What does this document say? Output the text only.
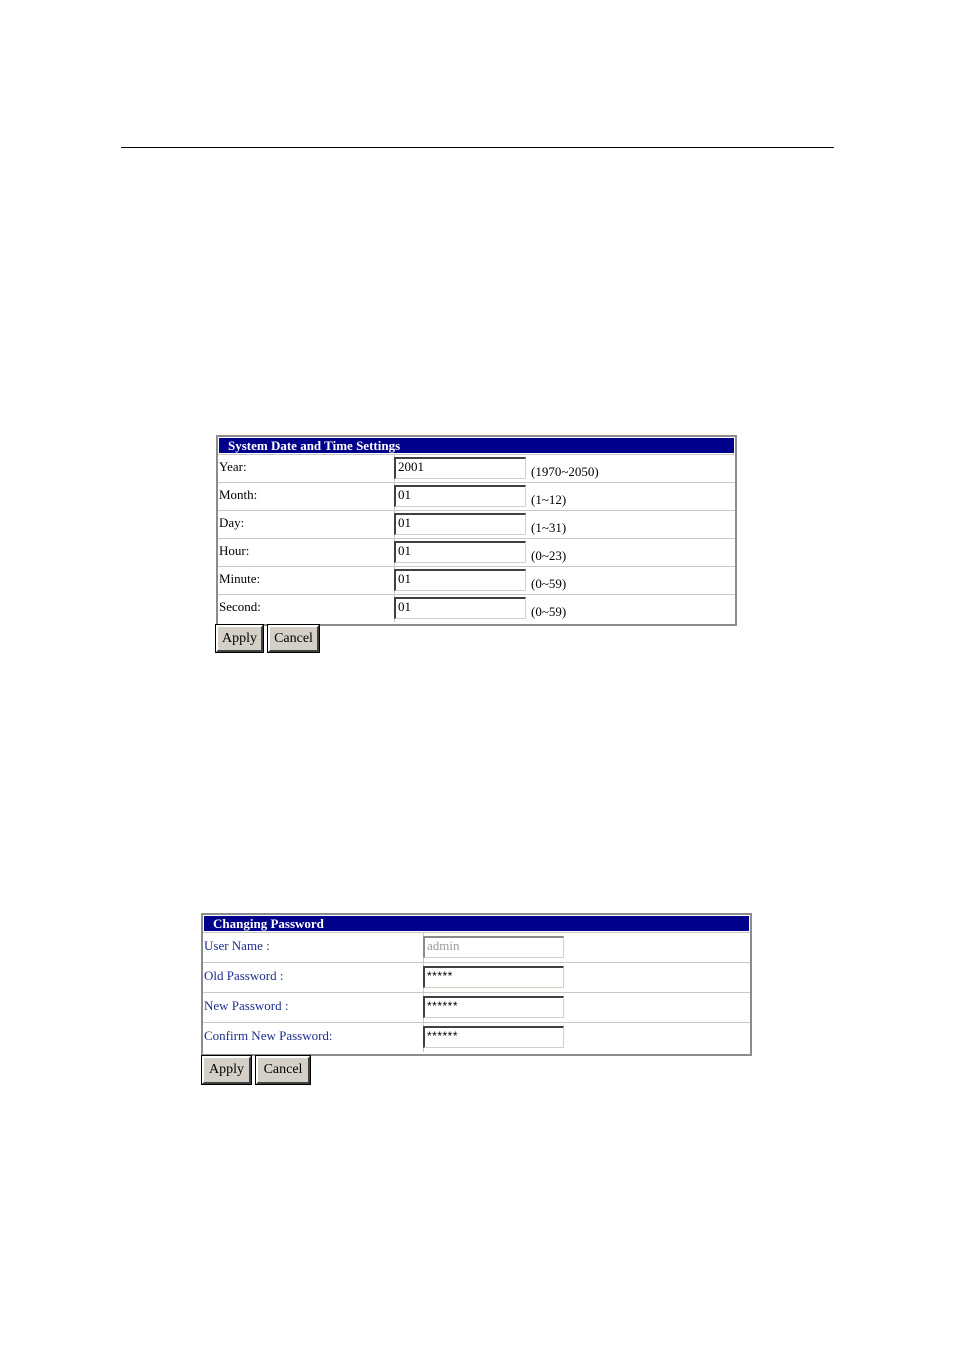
System Date and Time Settings
Year:	2001	(1970~2050)
Month:	01	(1~12)
Day:	01	(1~31)
Hour:	01	(0~23)
Minute:	01	(0~59)
Second:	01	(0~59)
Apply	Cancel
Changing Password
User Name :	admin
Old Password :	*****
New Password :	******
Confirm New Password:	******
Apply	Cancel
